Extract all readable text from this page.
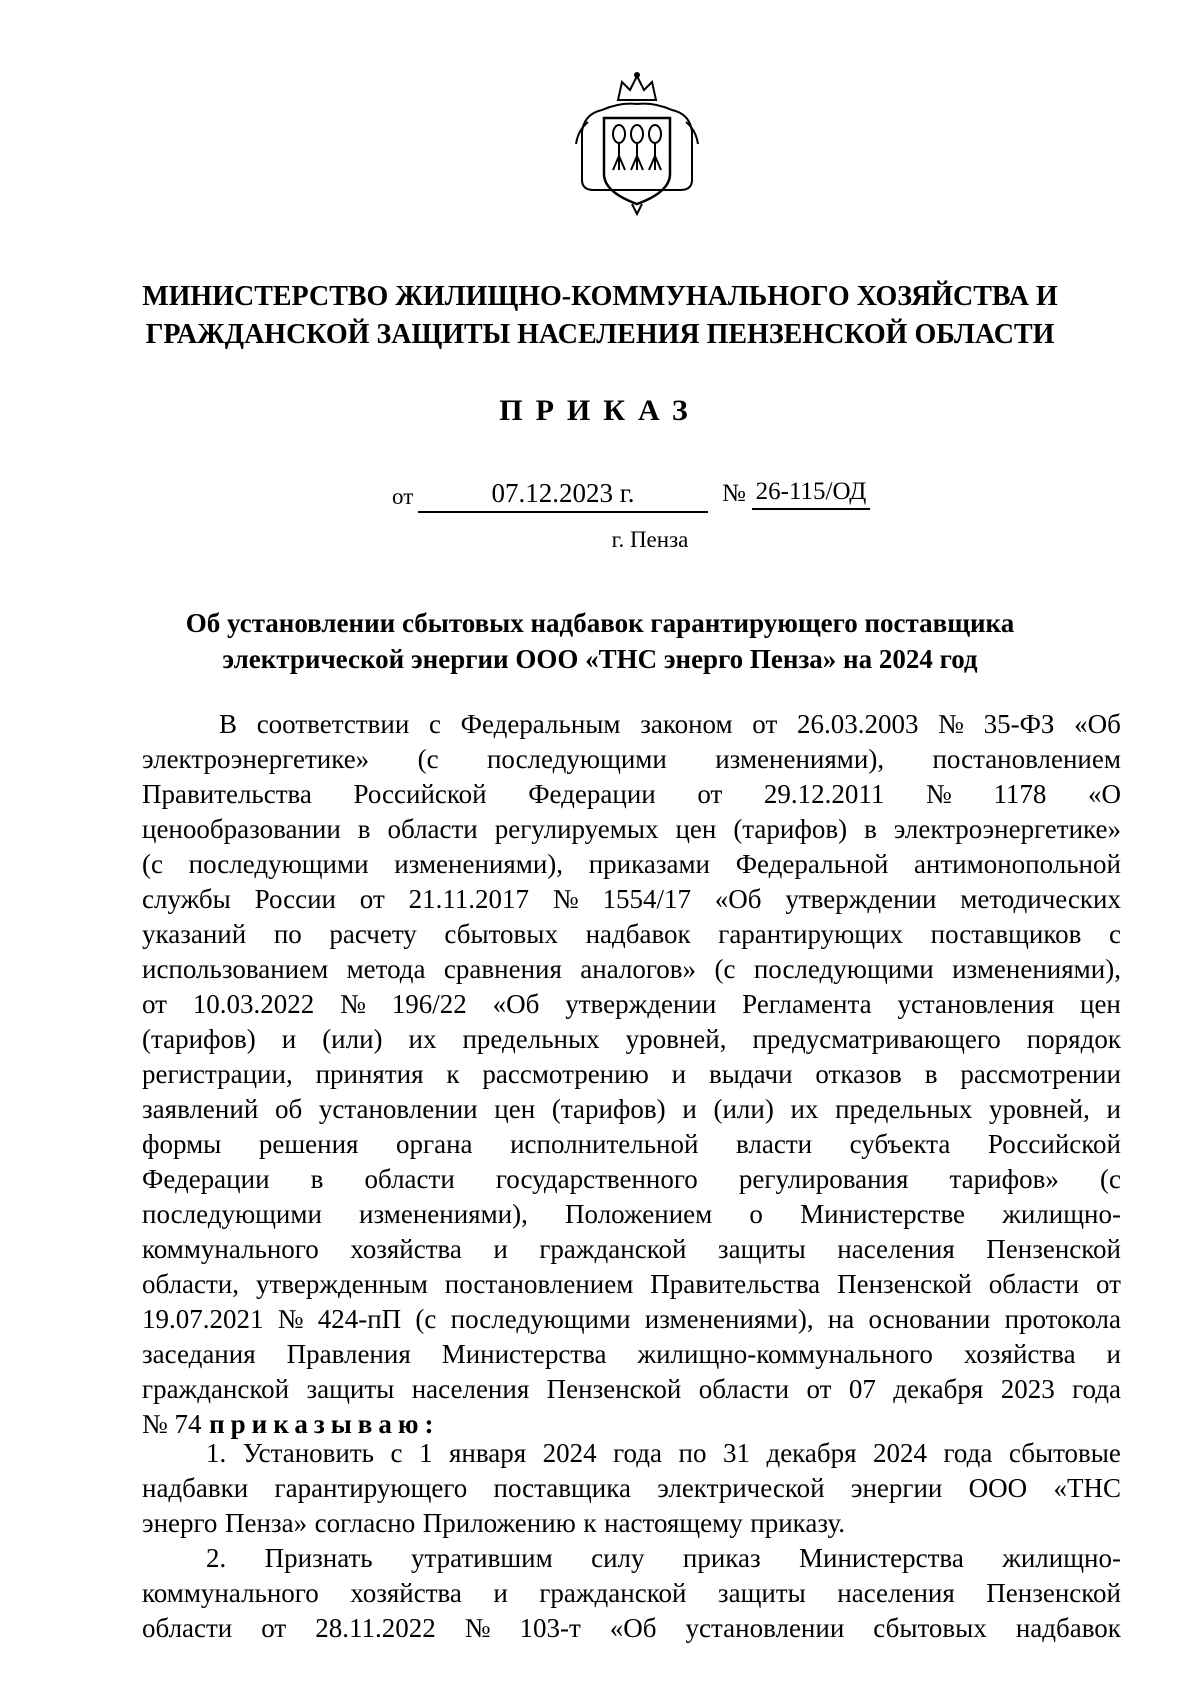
МИНИСТЕРСТВО ЖИЛИЩНО-КОММУНАЛЬНОГО ХОЗЯЙСТВА И
ГРАЖДАНСКОЙ ЗАЩИТЫ НАСЕЛЕНИЯ ПЕНЗЕНСКОЙ ОБЛАСТИ
ПРИКАЗ
от	07.12.2023 г.	№ 26-115/ОД
г. Пенза
Об установлении сбытовых надбавок гарантирующего поставщика
электрической энергии ООО «ТНС энерго Пенза» на 2024 год
В соответствии с Федеральным законом от 26.03.2003 № 35-ФЗ «Об
электроэнергетике» (с последующими изменениями), постановлением
Правительства Российской Федерации от 29.12.2011 № 1178 «О
ценообразовании в области регулируемых цен (тарифов) в электроэнергетике»
(с последующими изменениями), приказами Федеральной антимонопольной
службы России от 21.11.2017 № 1554/17 «Об утверждении методических
указаний по расчету сбытовых надбавок гарантирующих поставщиков с
использованием метода сравнения аналогов» (с последующими изменениями),
от 10.03.2022 № 196/22 «Об утверждении Регламента установления цен
(тарифов) и (или) их предельных уровней, предусматривающего порядок
регистрации, принятия к рассмотрению и выдачи отказов в рассмотрении
заявлений об установлении цен (тарифов) и (или) их предельных уровней, и
формы решения органа исполнительной власти субъекта Российской
Федерации в области государственного регулирования тарифов» (с
последующими изменениями), Положением о Министерстве жилищно-
коммунального хозяйства и гражданской защиты населения Пензенской
области, утвержденным постановлением Правительства Пензенской области от
19.07.2021 № 424-пП (с последующими изменениями), на основании протокола
заседания Правления Министерства жилищно-коммунального хозяйства и
гражданской защиты населения Пензенской области от 07 декабря 2023 года
№ 74 приказываю:
1. Установить с 1 января 2024 года по 31 декабря 2024 года сбытовые
надбавки гарантирующего поставщика электрической энергии ООО «ТНС
энерго Пенза» согласно Приложению к настоящему приказу.
2. Признать утратившим силу приказ Министерства жилищно-
коммунального хозяйства и гражданской защиты населения Пензенской
области от 28.11.2022 № 103-т «Об установлении сбытовых надбавок
